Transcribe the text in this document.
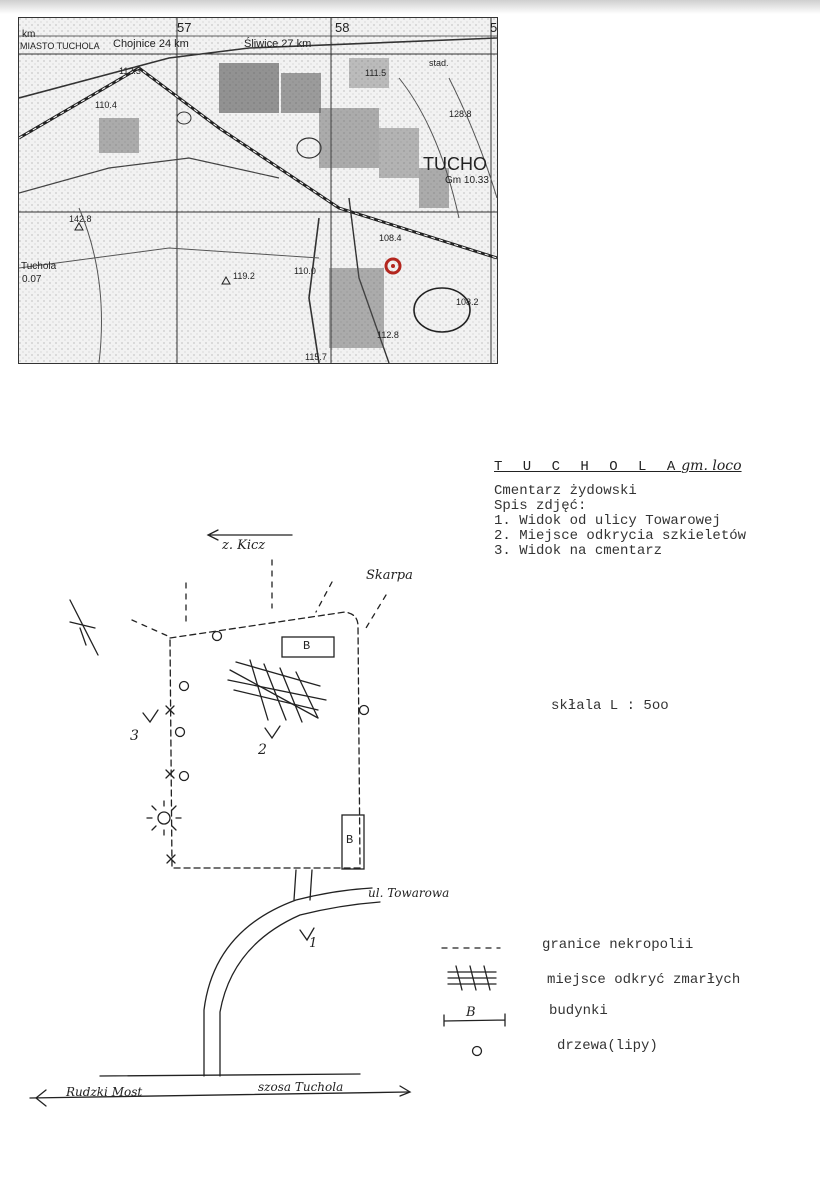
km	57	58	5
MIASTO TUCHOLA Chojnice 24 km	Śliwice 27 km
TUCHO
Gm 10.33
Tuchola
0.07
stad.
112.3
110.4
111.5
128.8
142.8
119.2	110.0
108.4
108.2
112.8
115.7
T U C H O L Agm. loco
Cmentarz żydowski
Spis zdjęć:
1. Widok od ulicy Towarowej
2. Miejsce odkrycia szkieletów
3. Widok na cmentarz
skłala L : 5oo
z. Kicz
Skarpa
B
B
3
2
1
ul. Towarowa
Rudzki Most	szosa Tuchola
granice nekropolii
miejsce odkryć zmarłych
budynki
B
drzewa(lipy)
